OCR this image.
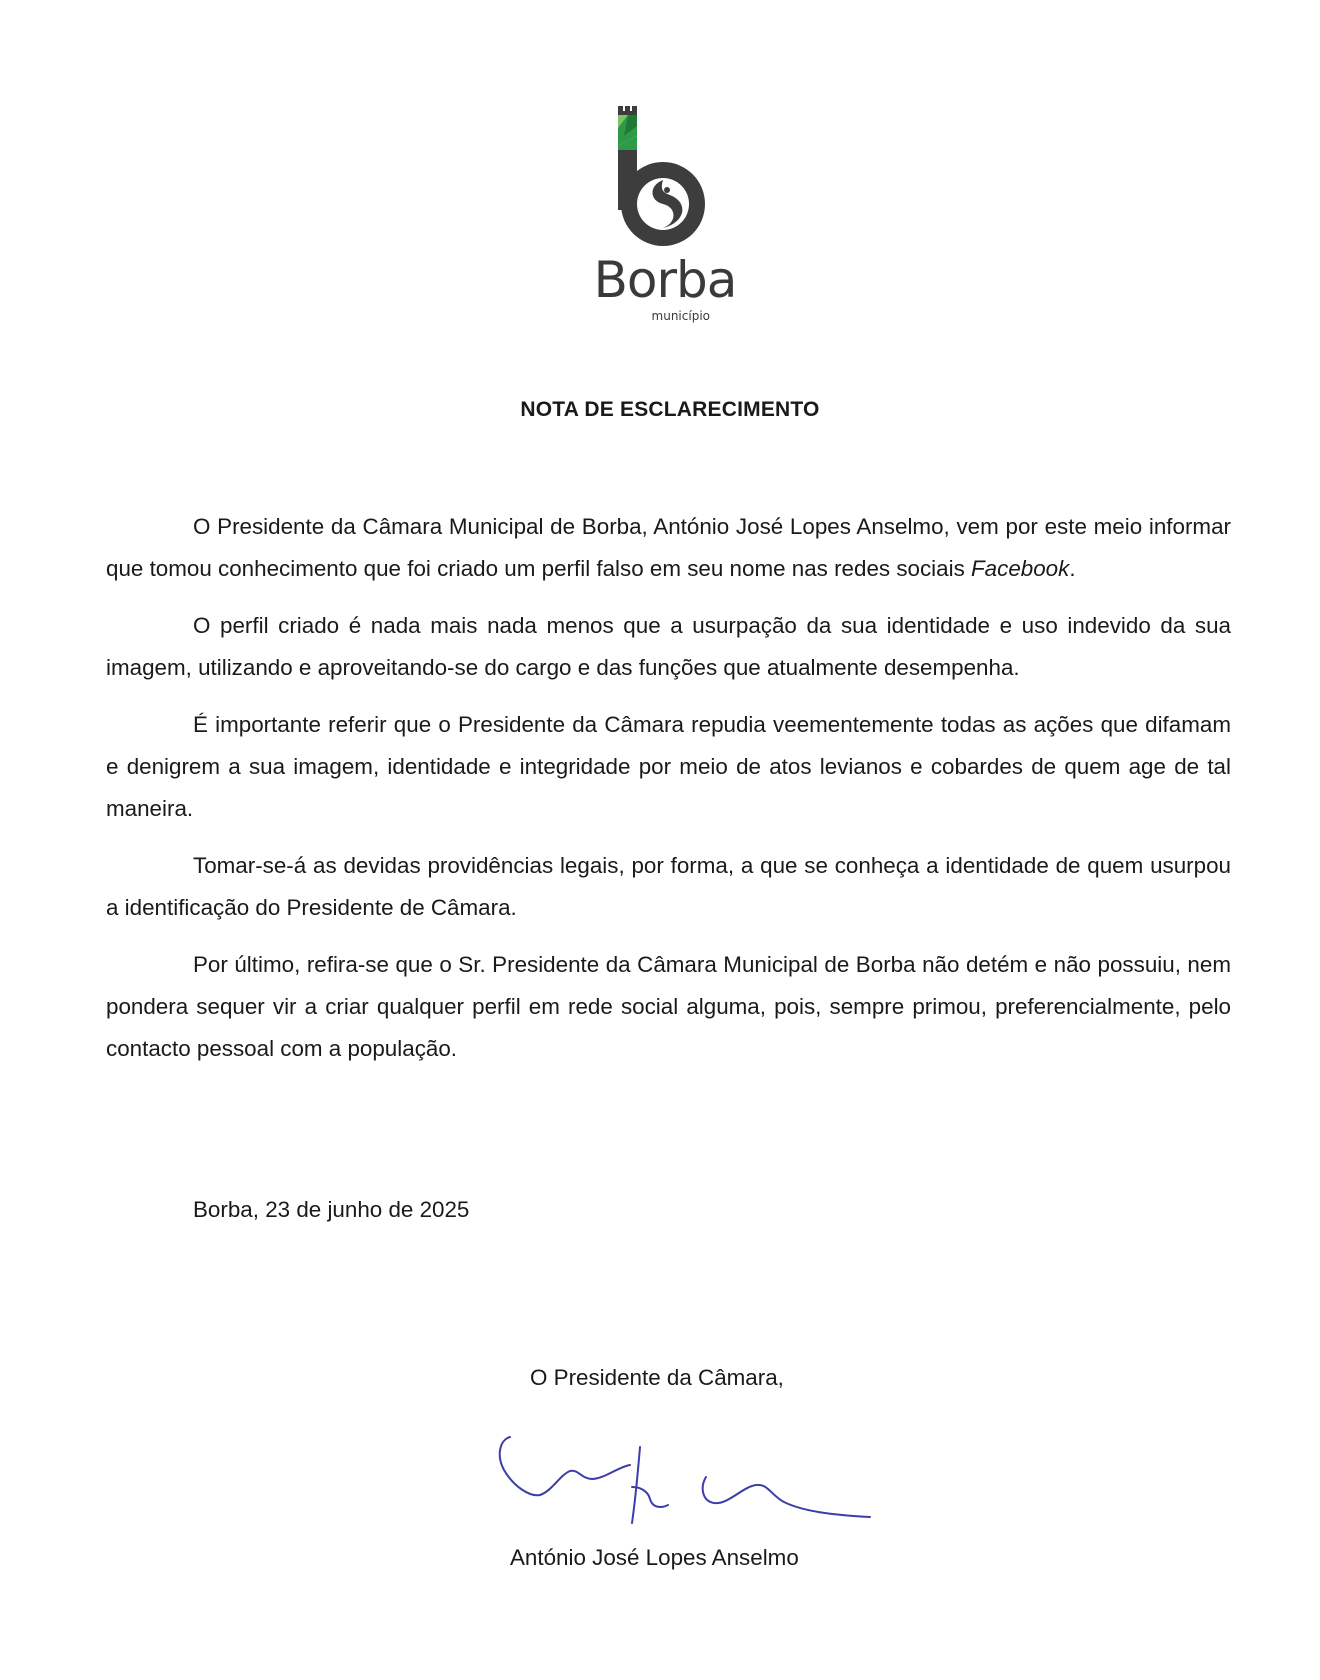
Borba
município
NOTA DE ESCLARECIMENTO

O Presidente da Câmara Municipal de Borba, António José Lopes Anselmo, vem por este meio informar que tomou conhecimento que foi criado um perfil falso em seu nome nas redes sociais Facebook.

O perfil criado é nada mais nada menos que a usurpação da sua identidade e uso indevido da sua imagem, utilizando e aproveitando-se do cargo e das funções que atualmente desempenha.

É importante referir que o Presidente da Câmara repudia veementemente todas as ações que difamam e denigrem a sua imagem, identidade e integridade por meio de atos levianos e cobardes de quem age de tal maneira.

Tomar-se-á as devidas providências legais, por forma, a que se conheça a identidade de quem usurpou a identificação do Presidente de Câmara.

Por último, refira-se que o Sr. Presidente da Câmara Municipal de Borba não detém e não possuiu, nem pondera sequer vir a criar qualquer perfil em rede social alguma, pois, sempre primou, preferencialmente, pelo contacto pessoal com a população.

Borba, 23 de junho de 2025
O Presidente da Câmara,
António José Lopes Anselmo
